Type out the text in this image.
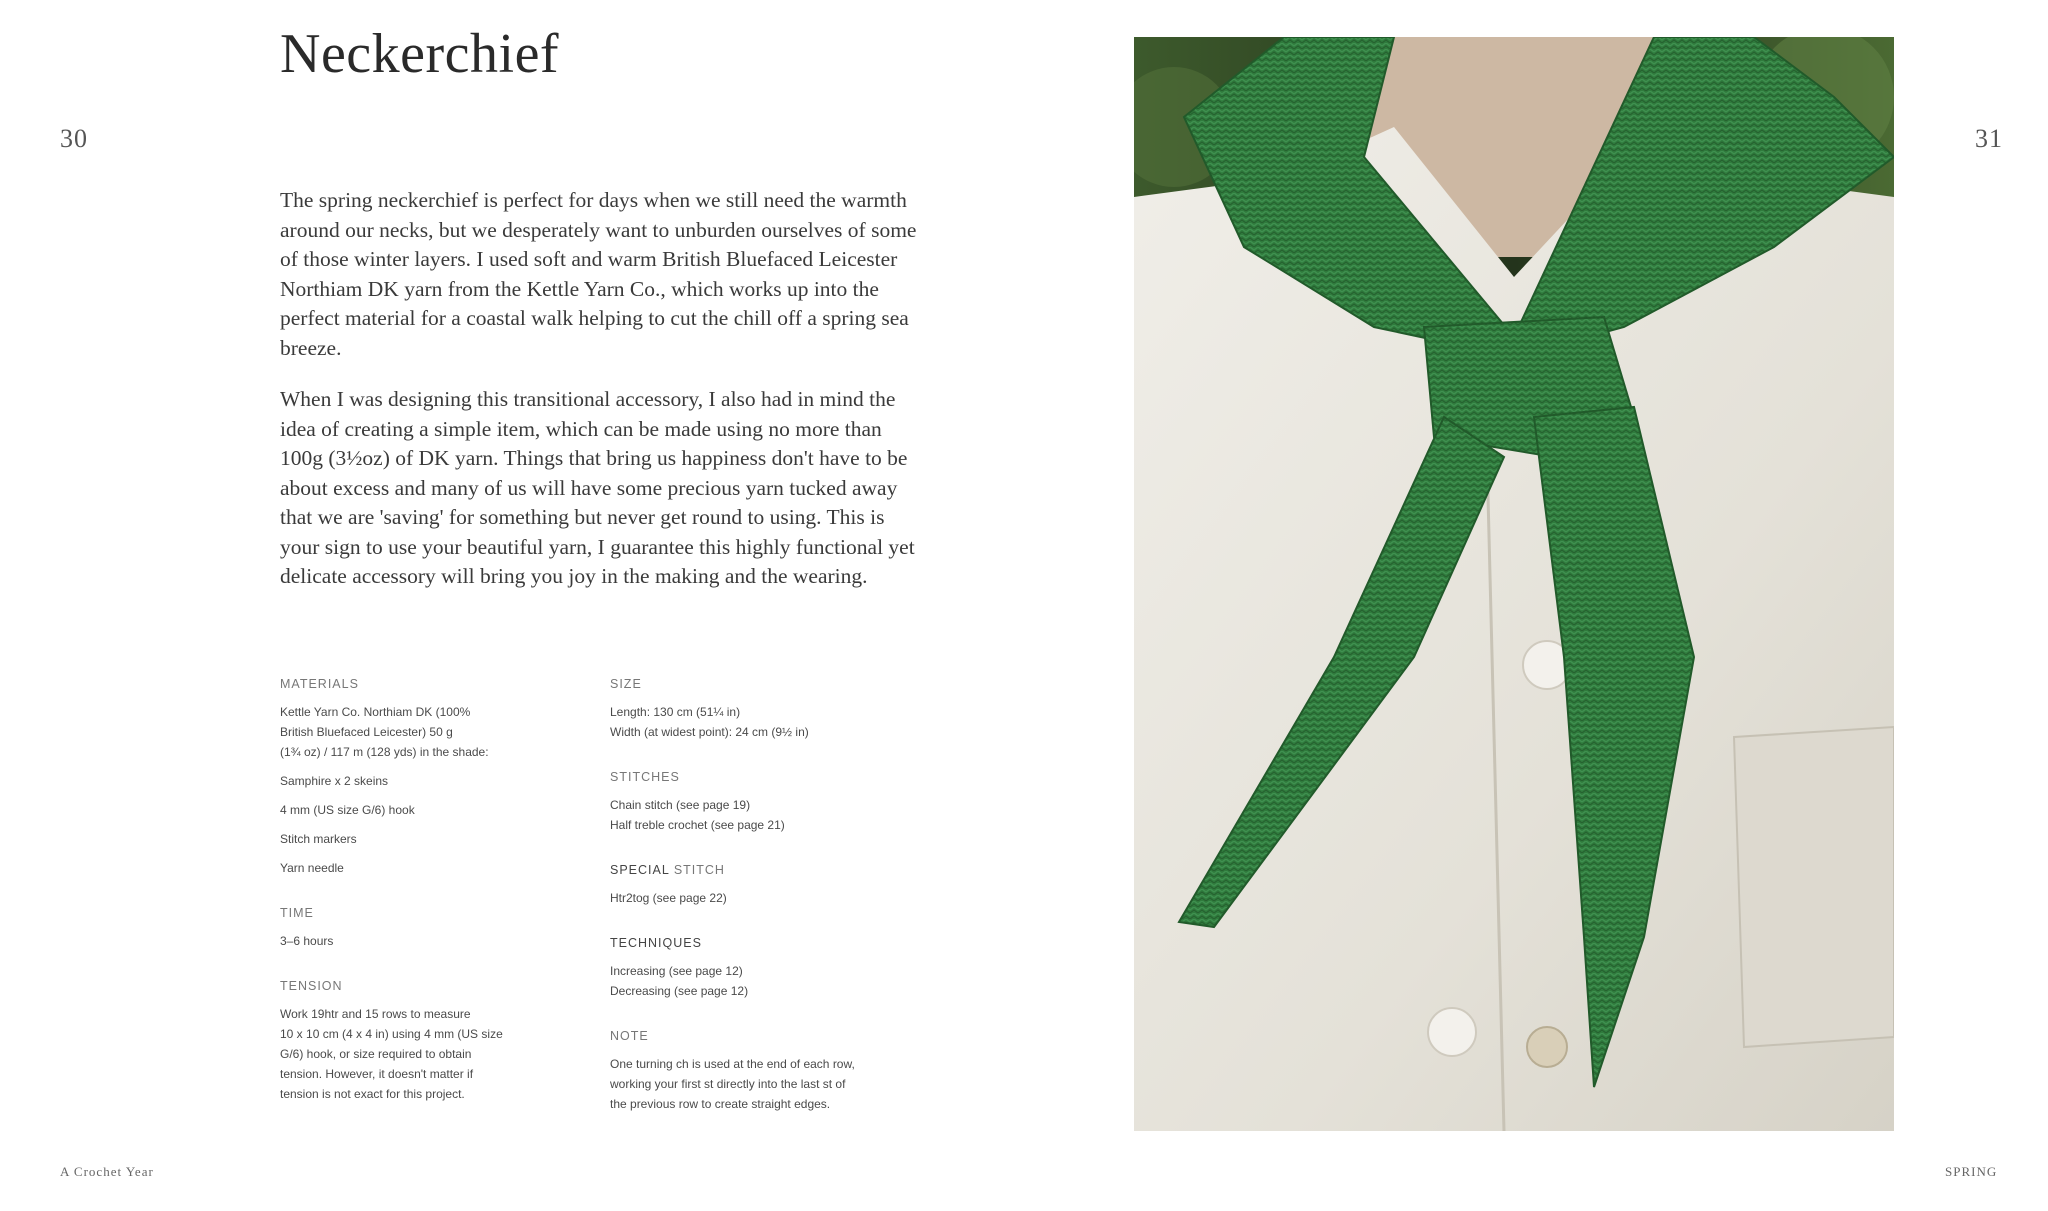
30	31
Neckerchief

The spring neckerchief is perfect for days when we still need the warmth around our necks, but we desperately want to unburden ourselves of some of those winter layers. I used soft and warm British Bluefaced Leicester Northiam DK yarn from the Kettle Yarn Co., which works up into the perfect material for a coastal walk helping to cut the chill off a spring sea breeze.

When I was designing this transitional accessory, I also had in mind the idea of creating a simple item, which can be made using no more than 100g (3½oz) of DK yarn. Things that bring us happiness don't have to be about excess and many of us will have some precious yarn tucked away that we are 'saving' for something but never get round to using. This is your sign to use your beautiful yarn, I guarantee this highly functional yet delicate accessory will bring you joy in the making and the wearing.

MATERIALS
Kettle Yarn Co. Northiam DK (100%
British Bluefaced Leicester) 50 g
(1¾ oz) / 117 m (128 yds) in the shade:
Samphire x 2 skeins
4 mm (US size G/6) hook
Stitch markers
Yarn needle
TIME
3–6 hours
TENSION
Work 19htr and 15 rows to measure
10 x 10 cm (4 x 4 in) using 4 mm (US size
G/6) hook, or size required to obtain
tension. However, it doesn't matter if
tension is not exact for this project.
SIZE
Length: 130 cm (51¼ in)
Width (at widest point): 24 cm (9½ in)
STITCHES
Chain stitch (see page 19)
Half treble crochet (see page 21)
SPECIAL STITCH
Htr2tog (see page 22)
TECHNIQUES
Increasing (see page 12)
Decreasing (see page 12)
NOTE
One turning ch is used at the end of each row,
working your first st directly into the last st of
the previous row to create straight edges.
A Crochet Year	SPRING
